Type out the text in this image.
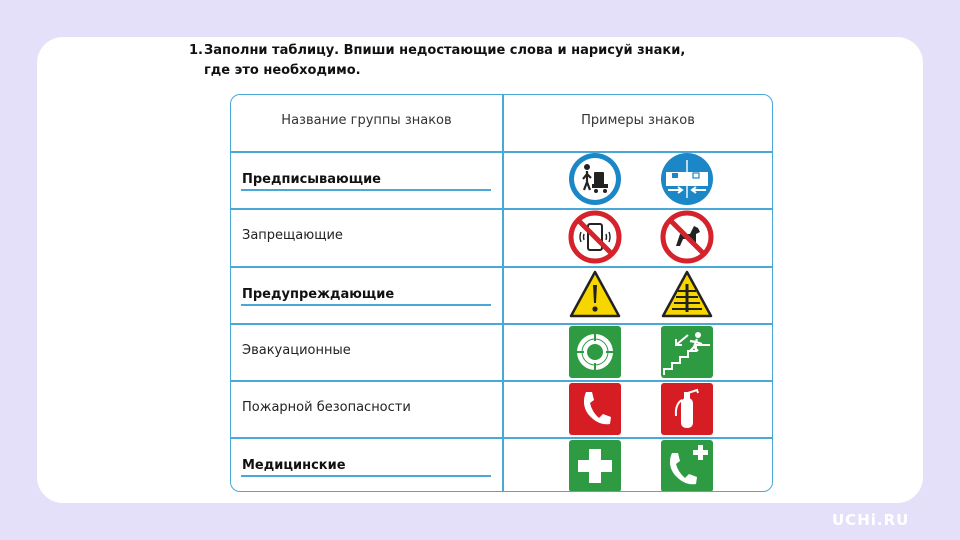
1. Заполни таблицу. Впиши недостающие слова и нарисуй знаки,
где это необходимо.
Название группы знаков	Примеры знаков
Предписывающие
Запрещающие
Предупреждающие
Эвакуационные
Пожарной безопасности
Медицинские
UCHi.RU
